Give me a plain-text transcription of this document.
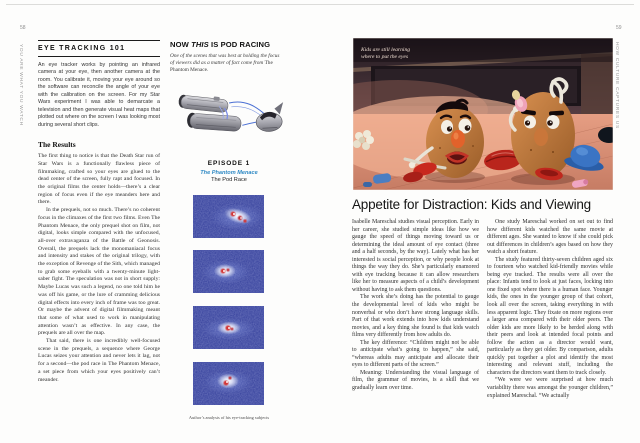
58
YOU ARE WHAT YOU WATCH EYE TRACKING 101
An eye tracker works by pointing an infrared camera at your eye, then another camera at the room. You calibrate it, moving your eye around so the software can reconcile the angle of your eye with the calibration on the screen. For my Star Wars experiment I was able to demarcate a television and then generate visual heat maps that plotted out where on the screen I was looking most during several short clips.
The Results

The first thing to notice is that the Death Star run of Star Wars is a functionally flawless piece of filmmaking, crafted so your eyes are glued to the dead center of the screen, fully rapt and focused. In the original films the center holds—there’s a clear region of focus even if the eye meanders here and there.

In the prequels, not so much. There’s no coherent focus in the climaxes of the first two films. Even The Phantom Menace, the only prequel shot on film, not digital, looks simple compared with the unfocused, all-over extravaganza of the Battle of Geonosis. Overall, the prequels lack the monomaniacal focus and intensity and stakes of the original trilogy, with the exception of Revenge of the Sith, which managed to grab some eyeballs with a twenty-minute light-saber fight. The speculation was not in short supply: Maybe Lucas was such a legend, no one told him he was off his game, or the lure of cramming delicious digital effects into every inch of frame was too great. Or maybe the advent of digital filmmaking meant that some of what used to work in manipulating attention wasn’t as effective. In any case, the prequels are all over the map.

That said, there is one incredibly well-focused scene in the prequels, a sequence where George Lucas seizes your attention and never lets it lag, not for a second—the pod race in The Phantom Menace, a set piece from which your eyes positively can’t meander.

NOW THIS IS POD RACING
One of the scenes that was best at holding the focus of viewers did as a matter of fact come from The Phantom Menace.
EPISODE 1
The Phantom Menace
The Pod Race
Author’s analysis of his eye-tracking subjects
Kids are still learning
where to put the eyes
Appetite for Distraction: Kids and Viewing

Isabelle Mareschal studies visual perception. Early in her career, she studied simple ideas like how we gauge the speed of things moving toward us or determining the ideal amount of eye contact (three and a half seconds, by the way). Lately what has her interested is social perception, or why people look at things the way they do. She’s particularly enamored with eye tracking because it can allow researchers like her to measure aspects of a child’s development without having to ask them questions.

The work she’s doing has the potential to gauge the developmental level of kids who might be nonverbal or who don’t have strong language skills. Part of that work extends into how kids understand movies, and a key thing she found is that kids watch films very differently from how adults do.

The key difference: “Children might not be able to anticipate what’s going to happen,” she said, “whereas adults may anticipate and allocate their eyes to different parts of the screen.”

Meaning: Understanding the visual language of film, the grammar of movies, is a skill that we gradually learn over time.

One study Mareschal worked on set out to find how different kids watched the same movie at different ages. She wanted to know if she could pick out differences in children’s ages based on how they watch a short feature.

The study featured thirty-seven children aged six to fourteen who watched kid-friendly movies while being eye tracked. The results were all over the place: Infants tend to look at just faces, locking into one fixed spot where there is a human face. Younger kids, the ones in the younger group of that cohort, look all over the screen, taking everything in with less apparent logic. They fixate on more regions over a larger area compared with their older peers. The older kids are more likely to be herded along with their peers and look at intended focal points and follow the action as a director would want, particularly as they get older. By comparison, adults quickly put together a plot and identify the most interesting and relevant stuff, including the characters the directors want them to track closely.

“We were we were surprised at how much variability there was amongst the younger children,” explained Mareschal. “We actually

59
HOW CULTURE CAPTURES US
